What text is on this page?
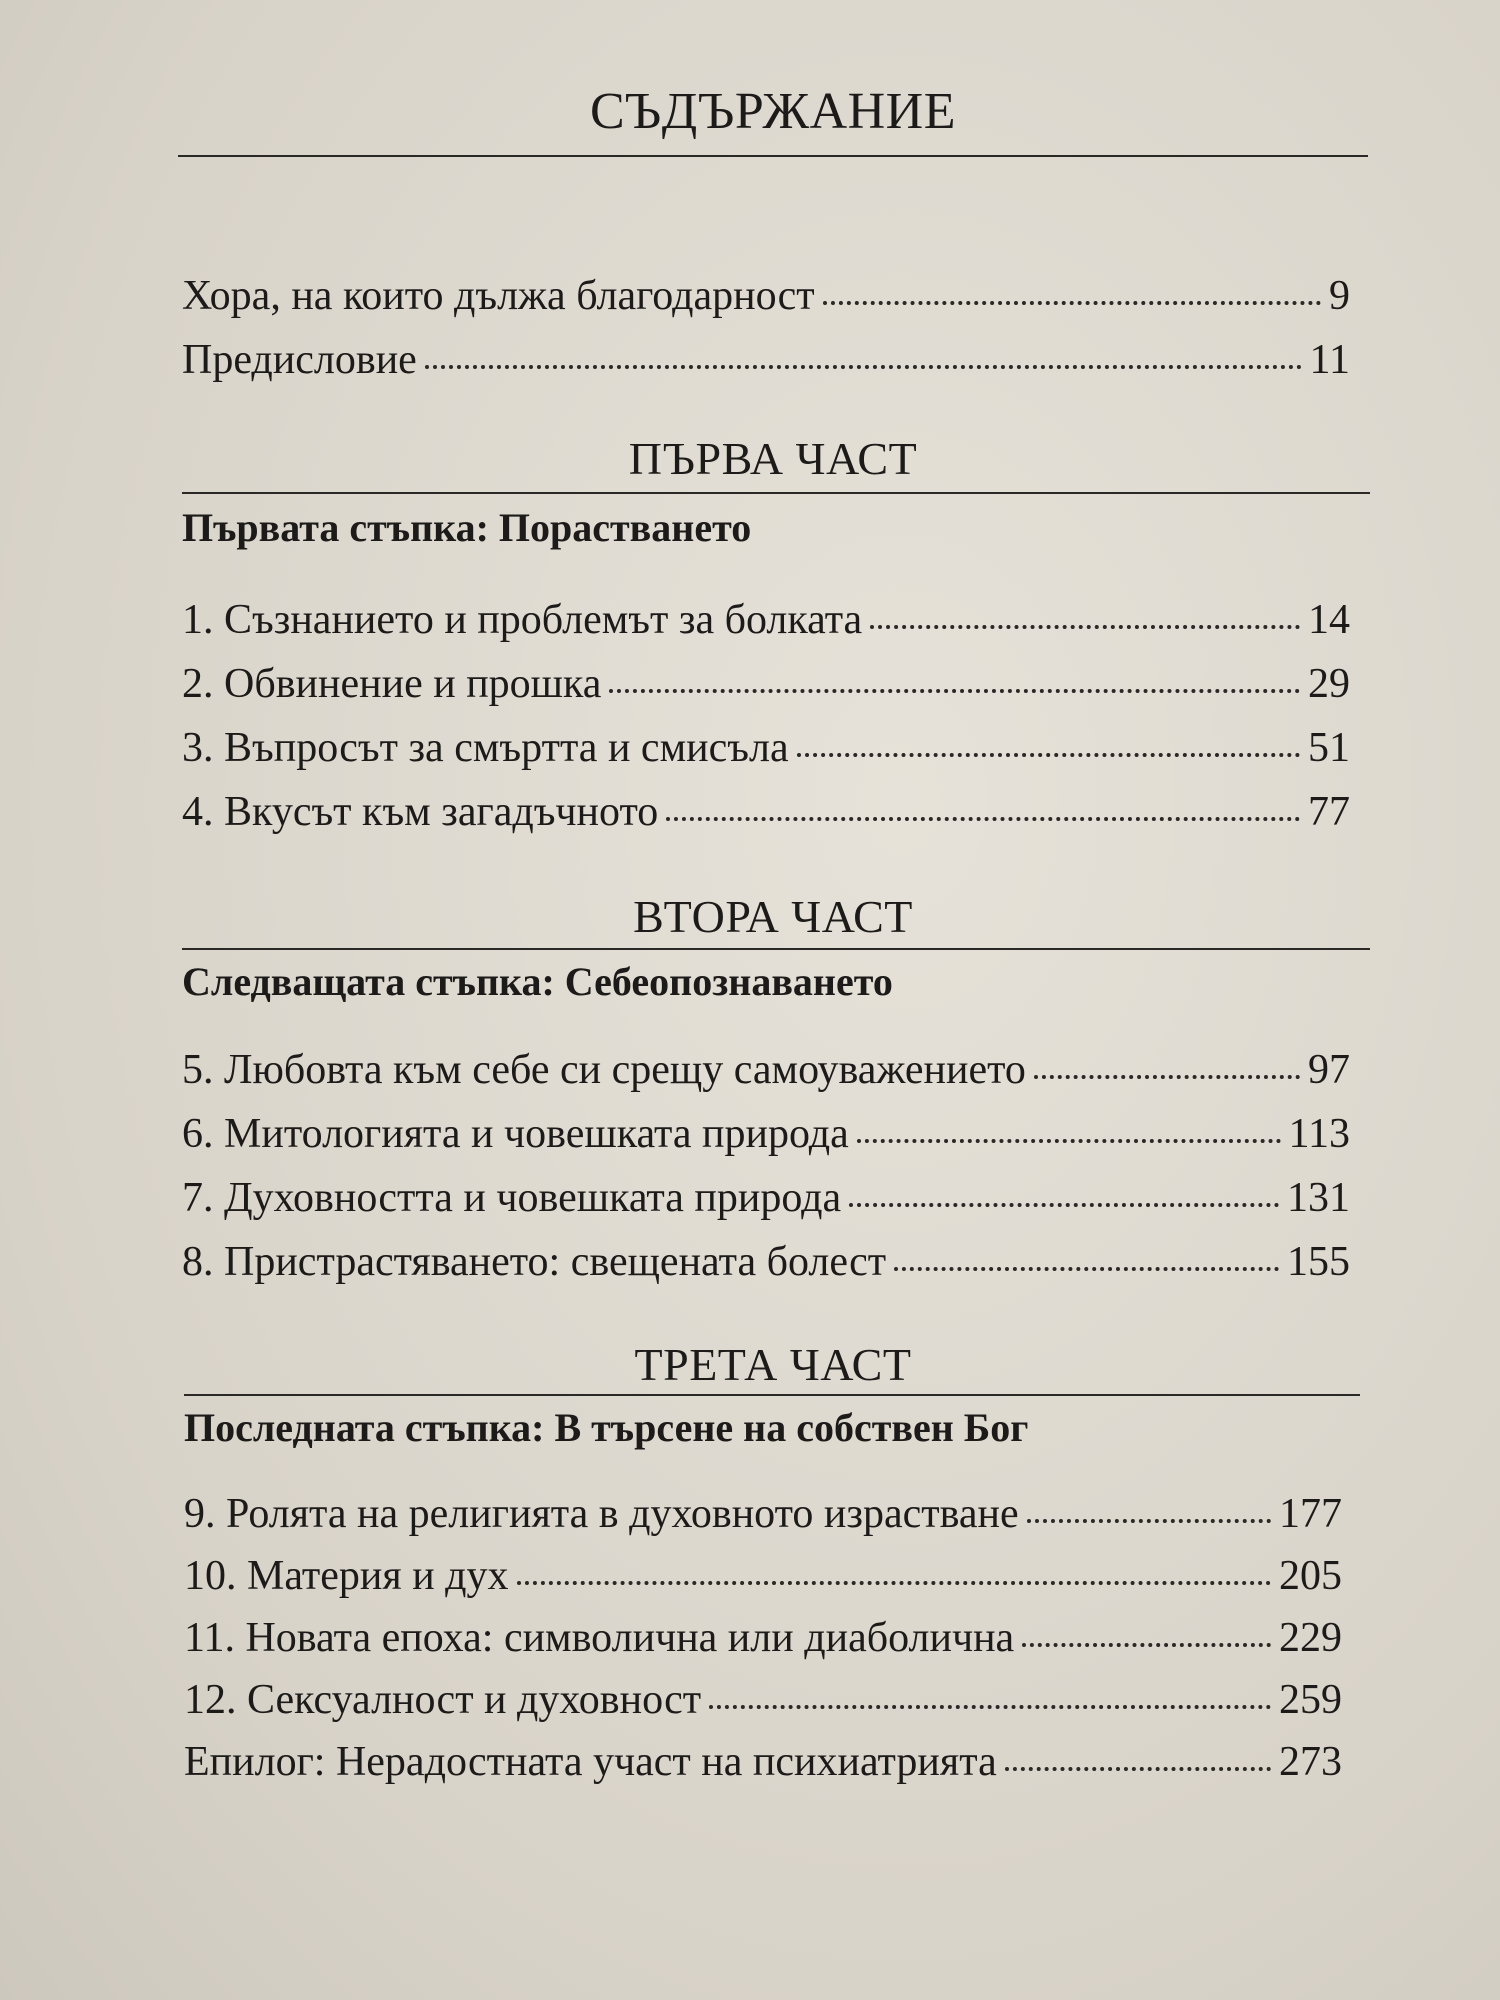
СЪДЪРЖАНИЕ
Хора, на които дължа благодарност	9
Предисловие	11
ПЪРВА ЧАСТ
Първата стъпка: Порастването
1. Съзнанието и проблемът за болката	14
2. Обвинение и прошка	29
3. Въпросът за смъртта и смисъла	51
4. Вкусът към загадъчното	77
ВТОРА ЧАСТ
Следващата стъпка: Себеопознаването
5. Любовта към себе си срещу самоуважението	97
6. Митологията и човешката природа	113
7. Духовността и човешката природа	131
8. Пристрастяването: свещената болест	155
ТРЕТА ЧАСТ
Последната стъпка: В търсене на собствен Бог
9. Ролята на религията в духовното израстване	177
10. Материя и дух	205
11. Новата епоха: символична или диаболична	229
12. Сексуалност и духовност	259
Епилог: Нерадостната участ на психиатрията	273
